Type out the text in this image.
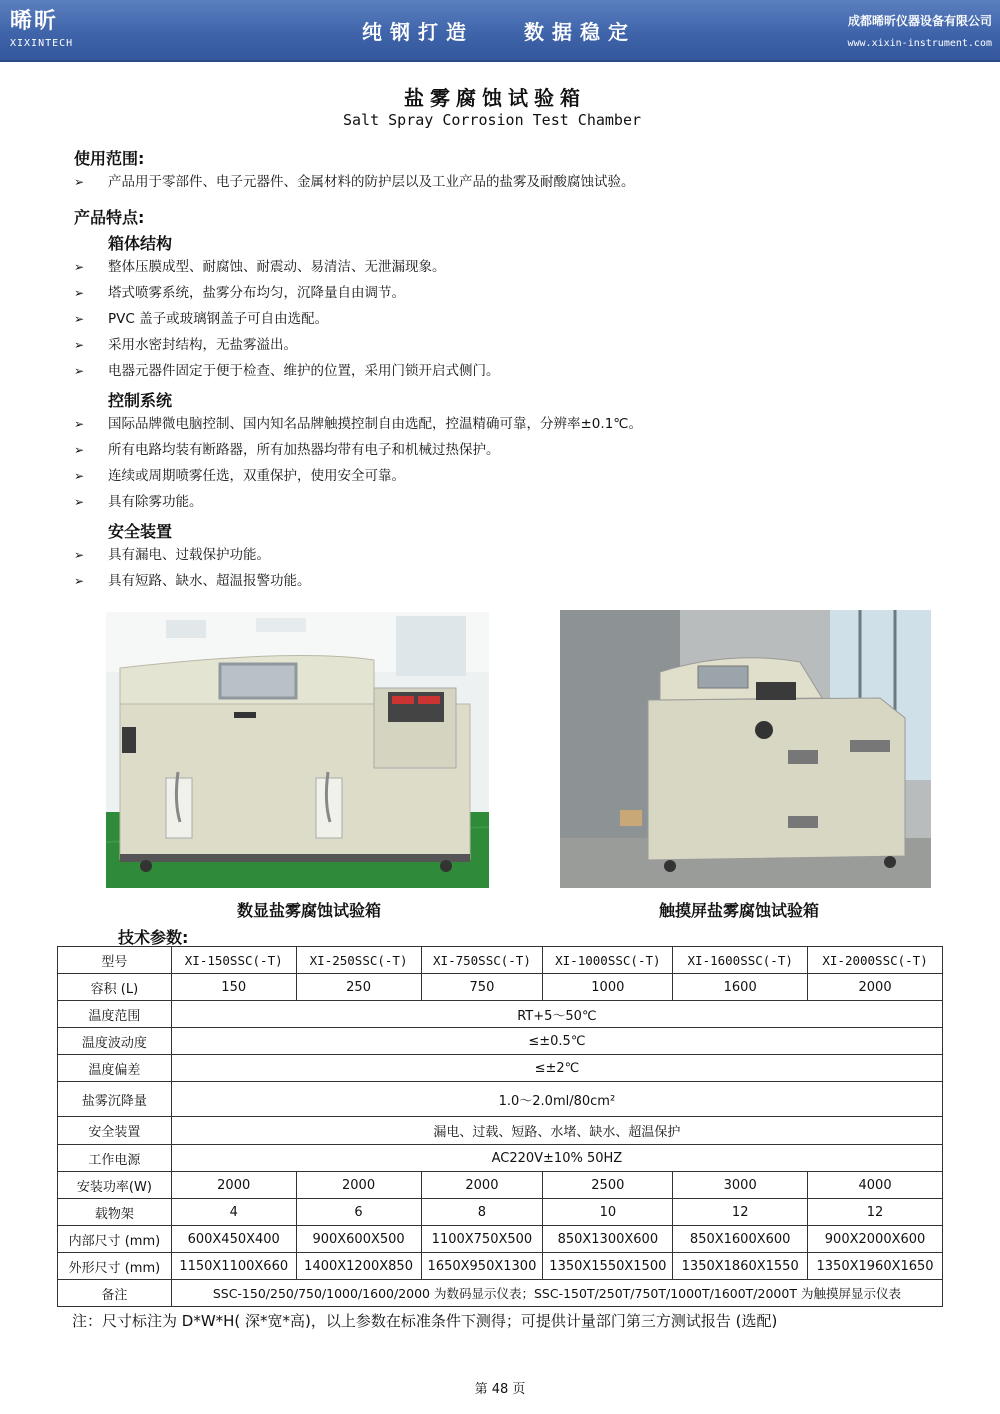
晞昕
XIXINTECH	纯钢打造	数据稳定	成都晞昕仪器设备有限公司
www.xixin-instrument.com
盐雾腐蚀试验箱
Salt Spray Corrosion Test Chamber
使用范围:
➢ 产品用于零部件、电子元器件、金属材料的防护层以及工业产品的盐雾及耐酸腐蚀试验。
产品特点:
箱体结构
➢ 整体压膜成型、耐腐蚀、耐震动、易清洁、无泄漏现象。
➢ 塔式喷雾系统，盐雾分布均匀，沉降量自由调节。
➢ PVC 盖子或玻璃钢盖子可自由选配。
➢ 采用水密封结构，无盐雾溢出。
➢ 电器元器件固定于便于检查、维护的位置，采用门锁开启式侧门。
控制系统
➢ 国际品牌微电脑控制、国内知名品牌触摸控制自由选配，控温精确可靠，分辨率±0.1℃。
➢ 所有电路均装有断路器，所有加热器均带有电子和机械过热保护。
➢ 连续或周期喷雾任选，双重保护，使用安全可靠。
➢ 具有除雾功能。
安全装置
➢ 具有漏电、过载保护功能。
➢ 具有短路、缺水、超温报警功能。
数显盐雾腐蚀试验箱	触摸屏盐雾腐蚀试验箱
技术参数:
型号	XI-150SSC(-T)	XI-250SSC(-T)	XI-750SSC(-T)	XI-1000SSC(-T)	XI-1600SSC(-T)	XI-2000SSC(-T)
容积 (L)	150	250	750	1000	1600	2000
温度范围	RT+5～50℃					
温度波动度	≤±0.5℃					
温度偏差	≤±2℃					
盐雾沉降量	1.0～2.0ml/80cm²					
安全装置	漏电、过载、短路、水堵、缺水、超温保护					
工作电源	AC220V±10% 50HZ					
安装功率(W)	2000	2000	2000	2500	3000	4000
载物架	4	6	8	10	12	12
内部尺寸 (mm)	600X450X400	900X600X500	1100X750X500	850X1300X600	850X1600X600	900X2000X600
外形尺寸 (mm)	1150X1100X660	1400X1200X850	1650X950X1300	1350X1550X1500	1350X1860X1550	1350X1960X1650
备注	SSC-150/250/750/1000/1600/2000 为数码显示仪表；SSC-150T/250T/750T/1000T/1600T/2000T 为触摸屏显示仪表					
注：尺寸标注为 D*W*H( 深*宽*高)，以上参数在标准条件下测得；可提供计量部门第三方测试报告 (选配)
第 48 页
